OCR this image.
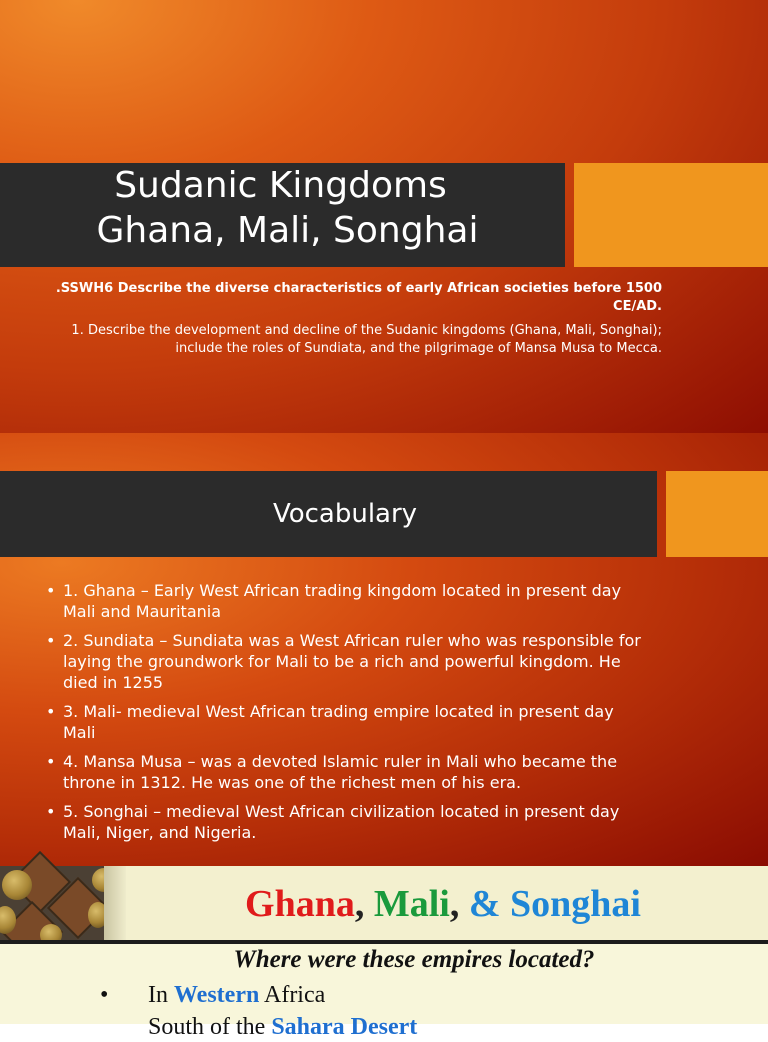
Sudanic Kingdoms
Ghana, Mali, Songhai
.SSWH6 Describe the diverse characteristics of early African societies before 1500 CE/AD.
1. Describe the development and decline of the Sudanic kingdoms (Ghana, Mali, Songhai); include the roles of Sundiata, and the pilgrimage of Mansa Musa to Mecca.
Vocabulary
• 1. Ghana – Early West African trading kingdom located in present day Mali and Mauritania
• 2. Sundiata – Sundiata was a West African ruler who was responsible for laying the groundwork for Mali to be a rich and powerful kingdom. He died in 1255
• 3. Mali- medieval West African trading empire located in present day Mali
• 4. Mansa Musa – was a devoted Islamic ruler in Mali who became the throne in 1312. He was one of the richest men of his era.
• 5. Songhai – medieval West African civilization located in present day Mali, Niger, and Nigeria.
Ghana, Mali, & Songhai
Where were these empires located?
• In Western Africa
South of the Sahara Desert
